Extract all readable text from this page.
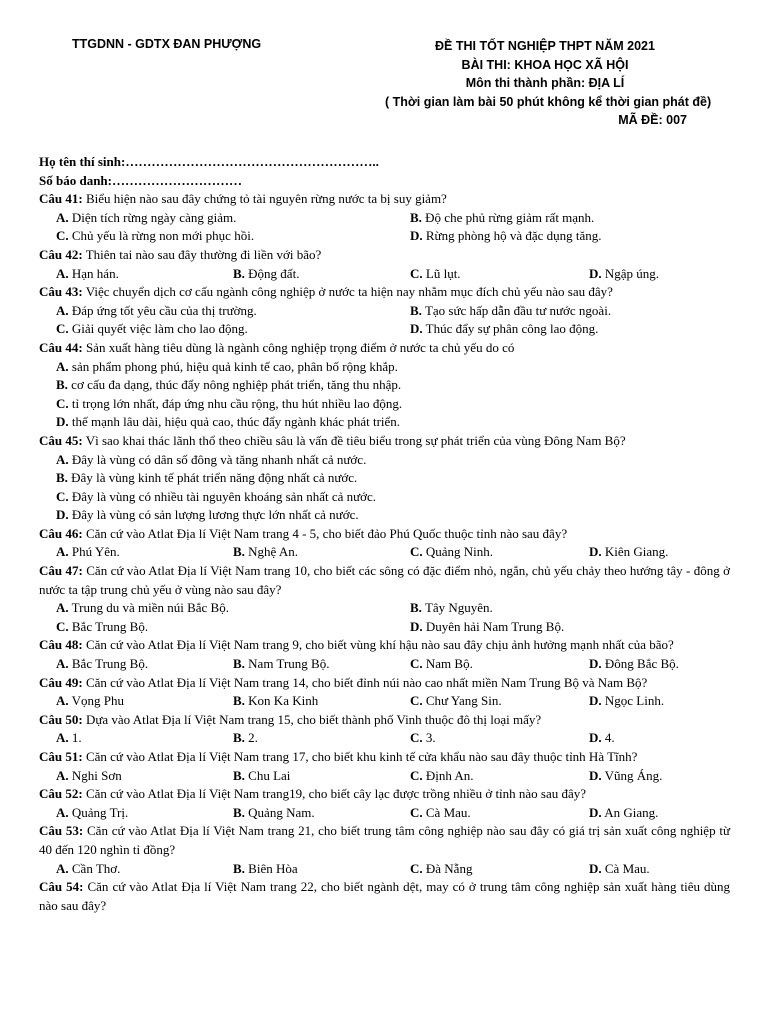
TTGDNN - GDTX ĐAN PHƯỢNG	ĐỀ THI TỐT NGHIỆP THPT NĂM 2021
BÀI THI: KHOA HỌC XÃ HỘI
Môn thi thành phần: ĐỊA LÍ
( Thời gian làm bài 50 phút không kể thời gian phát đề)
MÃ ĐỀ: 007
Họ tên thí sinh:…………………………………………………..
Số báo danh:…………………………
Câu 41: Biểu hiện nào sau đây chứng tỏ tài nguyên rừng nước ta bị suy giảm?
A. Diện tích rừng ngày càng giảm.	B. Độ che phủ rừng giảm rất mạnh.
C. Chủ yếu là rừng non mới phục hồi.	D. Rừng phòng hộ và đặc dụng tăng.
Câu 42: Thiên tai nào sau đây thường đi liền với bão?
A. Hạn hán.	B. Động đất.	C. Lũ lụt.	D. Ngập úng.
Câu 43: Việc chuyển dịch cơ cấu ngành công nghiệp ở nước ta hiện nay nhằm mục đích chủ yếu nào sau đây?
A. Đáp ứng tốt yêu cầu của thị trường.	B. Tạo sức hấp dẫn đầu tư nước ngoài.
C. Giải quyết việc làm cho lao động.	D. Thúc đẩy sự phân công lao động.
Câu 44: Sản xuất hàng tiêu dùng là ngành công nghiệp trọng điểm ở nước ta chủ yếu do có
A. sản phẩm phong phú, hiệu quả kinh tế cao, phân bố rộng khắp.
B. cơ cấu đa dạng, thúc đẩy nông nghiệp phát triển, tăng thu nhập.
C. tỉ trọng lớn nhất, đáp ứng nhu cầu rộng, thu hút nhiều lao động.
D. thế mạnh lâu dài, hiệu quả cao, thúc đẩy ngành khác phát triển.
Câu 45: Vì sao khai thác lãnh thổ theo chiều sâu là vấn đề tiêu biểu trong sự phát triển của vùng Đông Nam Bộ?
A. Đây là vùng có dân số đông và tăng nhanh nhất cả nước.
B. Đây là vùng kinh tế phát triển năng động nhất cả nước.
C. Đây là vùng có nhiều tài nguyên khoáng sản nhất cả nước.
D. Đây là vùng có sản lượng lương thực lớn nhất cả nước.
Câu 46: Căn cứ vào Atlat Địa lí Việt Nam trang 4 - 5, cho biết đảo Phú Quốc thuộc tỉnh nào sau đây?
A. Phú Yên.	B. Nghệ An.	C. Quảng Ninh.	D. Kiên Giang.
Câu 47: Căn cứ vào Atlat Địa lí Việt Nam trang 10, cho biết các sông có đặc điểm nhỏ, ngắn, chủ yếu chảy theo hướng tây - đông ở nước ta tập trung chủ yếu ở vùng nào sau đây?
A. Trung du và miền núi Bắc Bộ.	B. Tây Nguyên.
C. Bắc Trung Bộ.	D. Duyên hải Nam Trung Bộ.
Câu 48: Căn cứ vào Atlat Địa lí Việt Nam trang 9, cho biết vùng khí hậu nào sau đây chịu ảnh hưởng mạnh nhất của bão?
A. Bắc Trung Bộ.	B. Nam Trung Bộ.	C. Nam Bộ.	D. Đông Bắc Bộ.
Câu 49: Căn cứ vào Atlat Địa lí Việt Nam trang 14, cho biết đỉnh núi nào cao nhất miền Nam Trung Bộ và Nam Bộ?
A. Vọng Phu	B. Kon Ka Kinh	C. Chư Yang Sin.	D. Ngọc Linh.
Câu 50: Dựa vào Atlat Địa lí Việt Nam trang 15, cho biết thành phố Vinh thuộc đô thị loại mấy?
A. 1.	B. 2.	C. 3.	D. 4.
Câu 51: Căn cứ vào Atlat Địa lí Việt Nam trang 17, cho biết khu kinh tế cửa khẩu nào sau đây thuộc tỉnh Hà Tĩnh?
A. Nghi Sơn	B. Chu Lai	C. Định An.	D. Vũng Áng.
Câu 52: Căn cứ vào Atlat Địa lí Việt Nam trang19, cho biết cây lạc được trồng nhiều ở tỉnh nào sau đây?
A. Quảng Trị.	B. Quảng Nam.	C. Cà Mau.	D. An Giang.
Câu 53: Căn cứ vào Atlat Địa lí Việt Nam trang 21, cho biết trung tâm công nghiệp nào sau đây có giá trị sản xuất công nghiệp từ 40 đến 120 nghìn tỉ đồng?
A. Cần Thơ.	B. Biên Hòa	C. Đà Nẵng	D. Cà Mau.
Câu 54: Căn cứ vào Atlat Địa lí Việt Nam trang 22, cho biết ngành dệt, may có ở trung tâm công nghiệp sản xuất hàng tiêu dùng nào sau đây?
